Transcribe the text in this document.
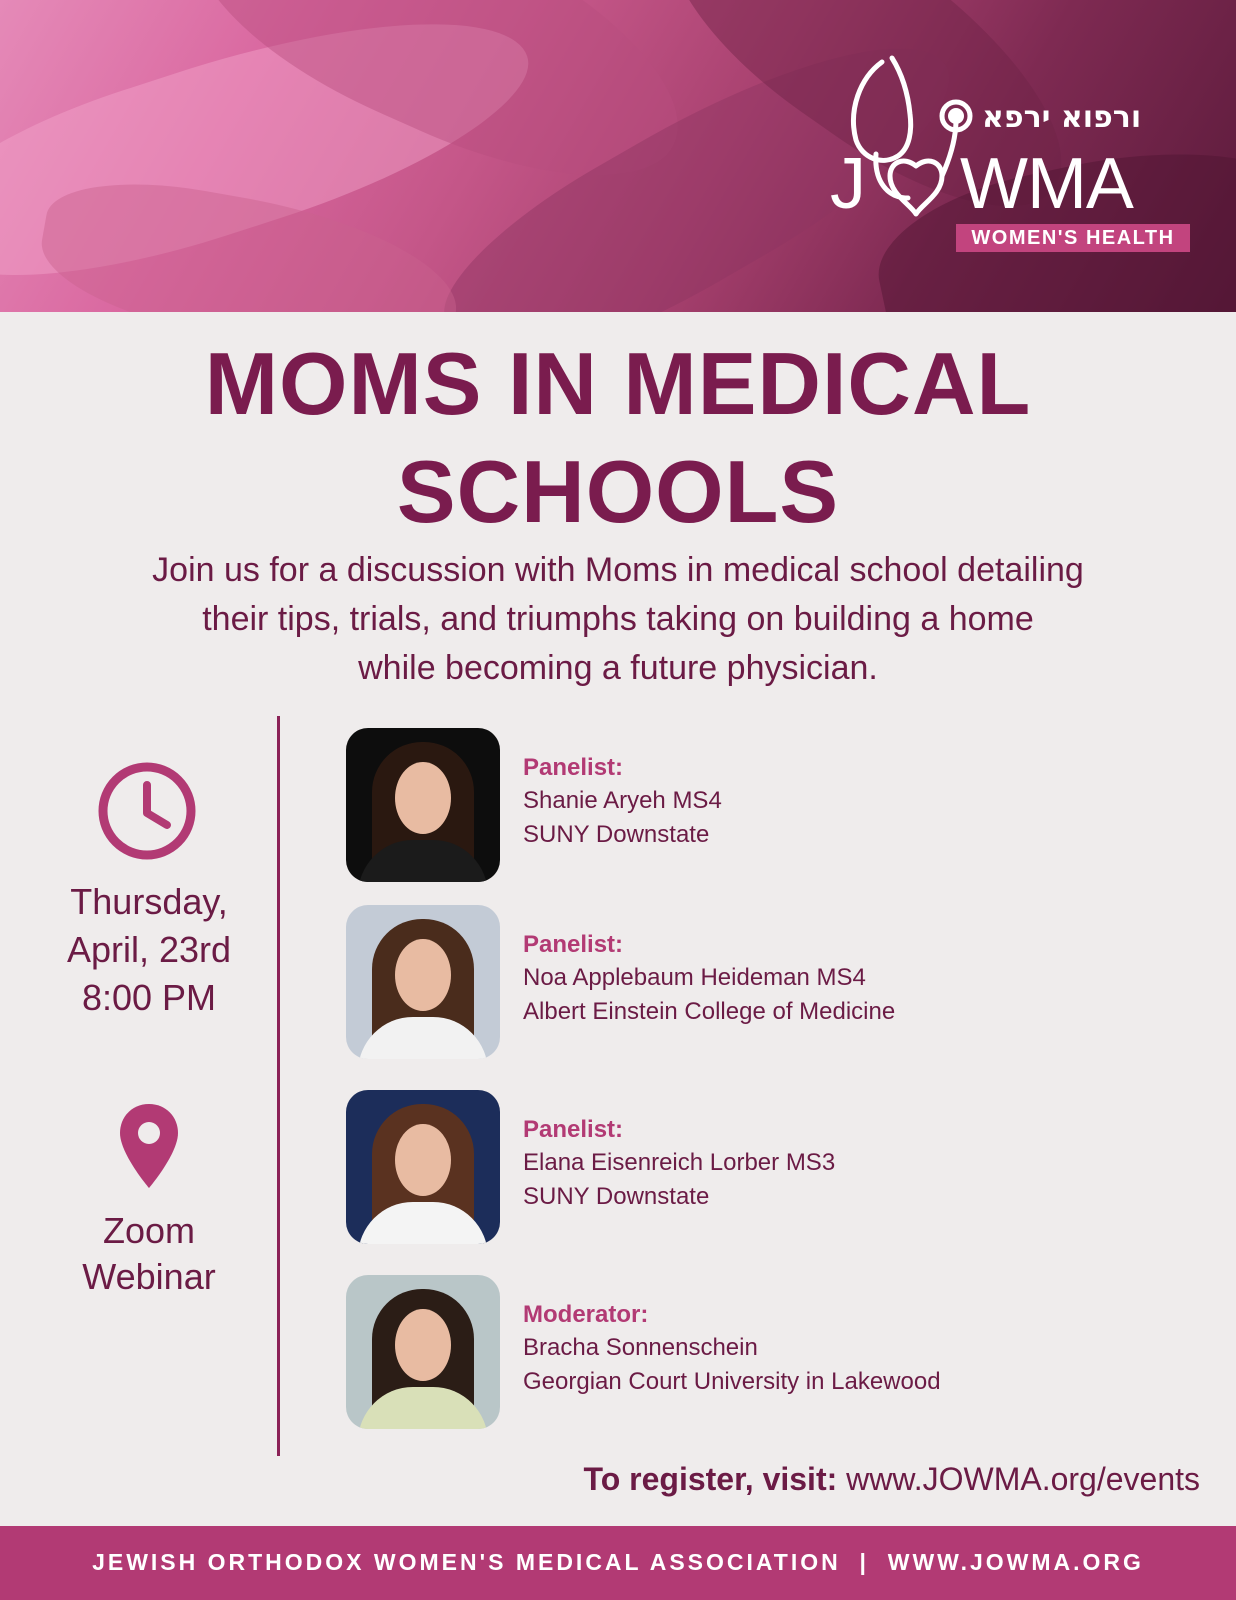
ורפוא ירפא
J WMA
WOMEN'S HEALTH
MOMS IN MEDICAL
SCHOOLS
Join us for a discussion with Moms in medical school detailing
their tips, trials, and triumphs taking on building a home
while becoming a future physician.
Thursday,
April, 23rd
8:00 PM
Zoom
Webinar
Panelist:
Shanie Aryeh MS4
SUNY Downstate
Panelist:
Noa Applebaum Heideman MS4
Albert Einstein College of Medicine
Panelist:
Elana Eisenreich Lorber MS3
SUNY Downstate
Moderator:
Bracha Sonnenschein
Georgian Court University in Lakewood
To register, visit: www.JOWMA.org/events
JEWISH ORTHODOX WOMEN'S MEDICAL ASSOCIATION  |  WWW.JOWMA.ORG
